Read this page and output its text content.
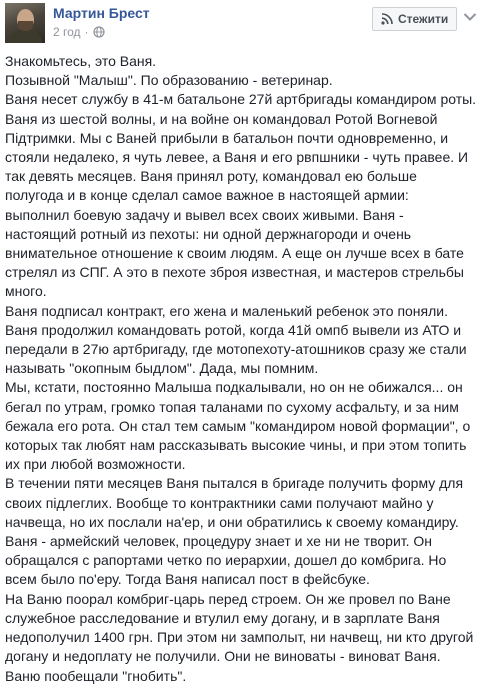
Мартин Брест
2 год ·
Стежити

Знакомьтесь, это Ваня.

Позывной "Малыш". По образованию - ветеринар.

Ваня несет службу в 41-м батальоне 27й артбригады командиром роты.

Ваня из шестой волны, и на войне он командовал Ротой Вогневой

Підтримки. Мы с Ваней прибыли в батальон почти одновременно, и

стояли недалеко, я чуть левее, а Ваня и его рвпшники - чуть правее. И

так девять месяцев. Ваня принял роту, командовал ею больше

полугода и в конце сделал самое важное в настоящей армии:

выполнил боевую задачу и вывел всех своих живыми. Ваня -

настоящий ротный из пехоты: ни одной держнагороди и очень

внимательное отношение к своим людям. А еще он лучше всех в бате

стрелял из СПГ. А это в пехоте зброя известная, и мастеров стрельбы

много.

Ваня подписал контракт, его жена и маленький ребенок это поняли.

Ваня продолжил командовать ротой, когда 41й омпб вывели из АТО и

передали в 27ю артбригаду, где мотопехоту-атошников сразу же стали

называть "окопным быдлом". Дада, мы помним.

Мы, кстати, постоянно Малыша подкалывали, но он не обижался... он

бегал по утрам, громко топая таланами по сухому асфальту, и за ним

бежала его рота. Он стал тем самым "командиром новой формации", о

которых так любят нам рассказывать высокие чины, и при этом топить

их при любой возможности.

В течении пяти месяцев Ваня пытался в бригаде получить форму для

своих підлеглих. Вообще то контрактники сами получают майно у

начвеща, но их послали наʹер, и они обратились к своему командиру.

Ваня - армейский человек, процедуру знает и хе ни не творит. Он

обращался с рапортами четко по иерархии, дошел до комбрига. Но

всем было поʹеру. Тогда Ваня написал пост в фейсбуке.

На Ваню поорал комбриг-царь перед строем. Он же провел по Ване

служебное расследование и втулил ему догану, и в зарплате Ваня

недополучил 1400 грн. При этом ни замполыт, ни начвещ, ни кто другой

догану и недоплату не получили. Они не виноваты - виноват Ваня.

Ваню пообещали "гнобить".
